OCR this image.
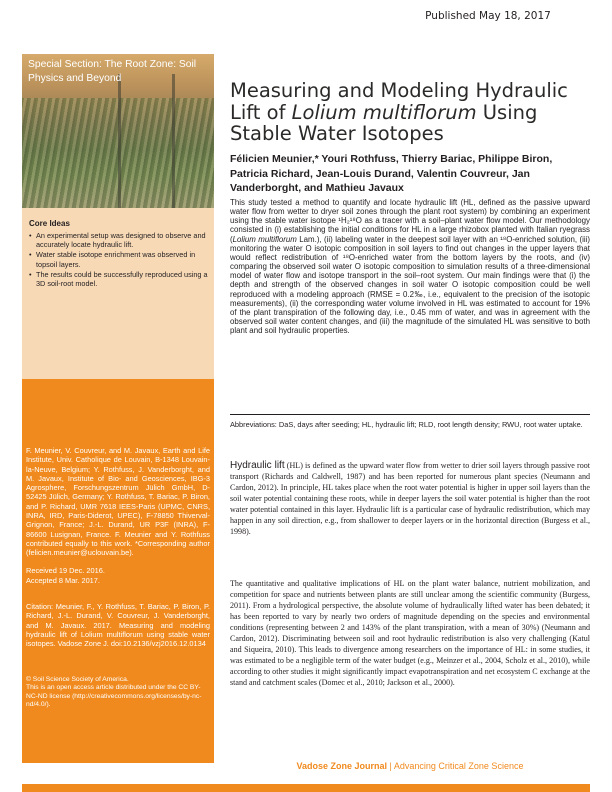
Published May 18, 2017
Special Section: The Root Zone: Soil Physics and Beyond
Core Ideas
• An experimental setup was designed to observe and accurately locate hydraulic lift.
• Water stable isotope enrichment was observed in topsoil layers.
• The results could be successfully reproduced using a 3D soil-root model.
F. Meunier, V. Couvreur, and M. Javaux, Earth and Life Institute, Univ. Catholique de Louvain, B-1348 Louvain-la-Neuve, Belgium; Y. Rothfuss, J. Vanderborght, and M. Javaux, Institute of Bio- and Geosciences, IBG-3 Agrosphere, Forschungszentrum Jülich GmbH, D-52425 Jülich, Germany; Y. Rothfuss, T. Bariac, P. Biron, and P. Richard, UMR 7618 IEES-Paris (UPMC, CNRS, INRA, IRD, Paris-Diderot, UPEC), F-78850 Thiverval-Grignon, France; J.-L. Durand, UR P3F (INRA), F-86600 Lusignan, France. F. Meunier and Y. Rothfuss contributed equally to this work. *Corresponding author (felicien.meunier@uclouvain.be).
Received 19 Dec. 2016.
Accepted 8 Mar. 2017.
Citation: Meunier, F., Y. Rothfuss, T. Bariac, P. Biron, P. Richard, J.-L. Durand, V. Couvreur, J. Vanderborght, and M. Javaux. 2017. Measuring and modeling hydraulic lift of Lolium multiflorum using stable water isotopes. Vadose Zone J. doi:10.2136/vzj2016.12.0134
© Soil Science Society of America.
This is an open access article distributed under the CC BY-NC-ND license (http://creativecommons.org/licenses/by-nc-nd/4.0/).
Measuring and Modeling Hydraulic
Lift of Lolium multiflorum Using
Stable Water Isotopes
Félicien Meunier,* Youri Rothfuss, Thierry Bariac, Philippe Biron, Patricia Richard, Jean-Louis Durand, Valentin Couvreur, Jan Vanderborght, and Mathieu Javaux
This study tested a method to quantify and locate hydraulic lift (HL, defined as the passive upward water flow from wetter to dryer soil zones through the plant root system) by combining an experiment using the stable water isotope ¹H₂¹⁸O as a tracer with a soil–plant water flow model. Our methodology consisted in (i) establishing the initial conditions for HL in a large rhizobox planted with Italian ryegrass (Lolium multiflorum Lam.), (ii) labeling water in the deepest soil layer with an ¹⁸O-enriched solution, (iii) monitoring the water O isotopic composition in soil layers to find out changes in the upper layers that would reflect redistribution of ¹⁸O-enriched water from the bottom layers by the roots, and (iv) comparing the observed soil water O isotopic composition to simulation results of a three-dimensional model of water flow and isotope transport in the soil–root system. Our main findings were that (i) the depth and strength of the observed changes in soil water O isotopic composition could be well reproduced with a modeling approach (RMSE = 0.2‰, i.e., equivalent to the precision of the isotopic measurements), (ii) the corresponding water volume involved in HL was estimated to account for 19% of the plant transpiration of the following day, i.e., 0.45 mm of water, and was in agreement with the observed soil water content changes, and (iii) the magnitude of the simulated HL was sensitive to both plant and soil hydraulic properties.
Abbreviations: DaS, days after seeding; HL, hydraulic lift; RLD, root length density; RWU, root water uptake.

Hydraulic lift (HL) is defined as the upward water flow from wetter to drier soil layers through passive root transport (Richards and Caldwell, 1987) and has been reported for numerous plant species (Neumann and Cardon, 2012). In principle, HL takes place when the root water potential is higher in upper soil layers than the soil water potential containing these roots, while in deeper layers the soil water potential is higher than the root water potential contained in this layer. Hydraulic lift is a particular case of hydraulic redistribution, which may happen in any soil direction, e.g., from shallower to deeper layers or in the horizontal direction (Burgess et al., 1998).

The quantitative and qualitative implications of HL on the plant water balance, nutrient mobilization, and competition for space and nutrients between plants are still unclear among the scientific community (Burgess, 2011). From a hydrological perspective, the absolute volume of hydraulically lifted water has been debated; it has been reported to vary by nearly two orders of magnitude depending on the species and environmental conditions (representing between 2 and 143% of the plant transpiration, with a mean of 30%) (Neumann and Cardon, 2012). Discriminating between soil and root hydraulic redistribution is also very challenging (Katul and Siqueira, 2010). This leads to divergence among researchers on the importance of HL: in some studies, it was estimated to be a negligible term of the water budget (e.g., Meinzer et al., 2004, Scholz et al., 2010), while according to other studies it might significantly impact evapotranspiration and net ecosystem C exchange at the stand and catchment scales (Domec et al., 2010; Jackson et al., 2000).

Vadose Zone Journal | Advancing Critical Zone Science
